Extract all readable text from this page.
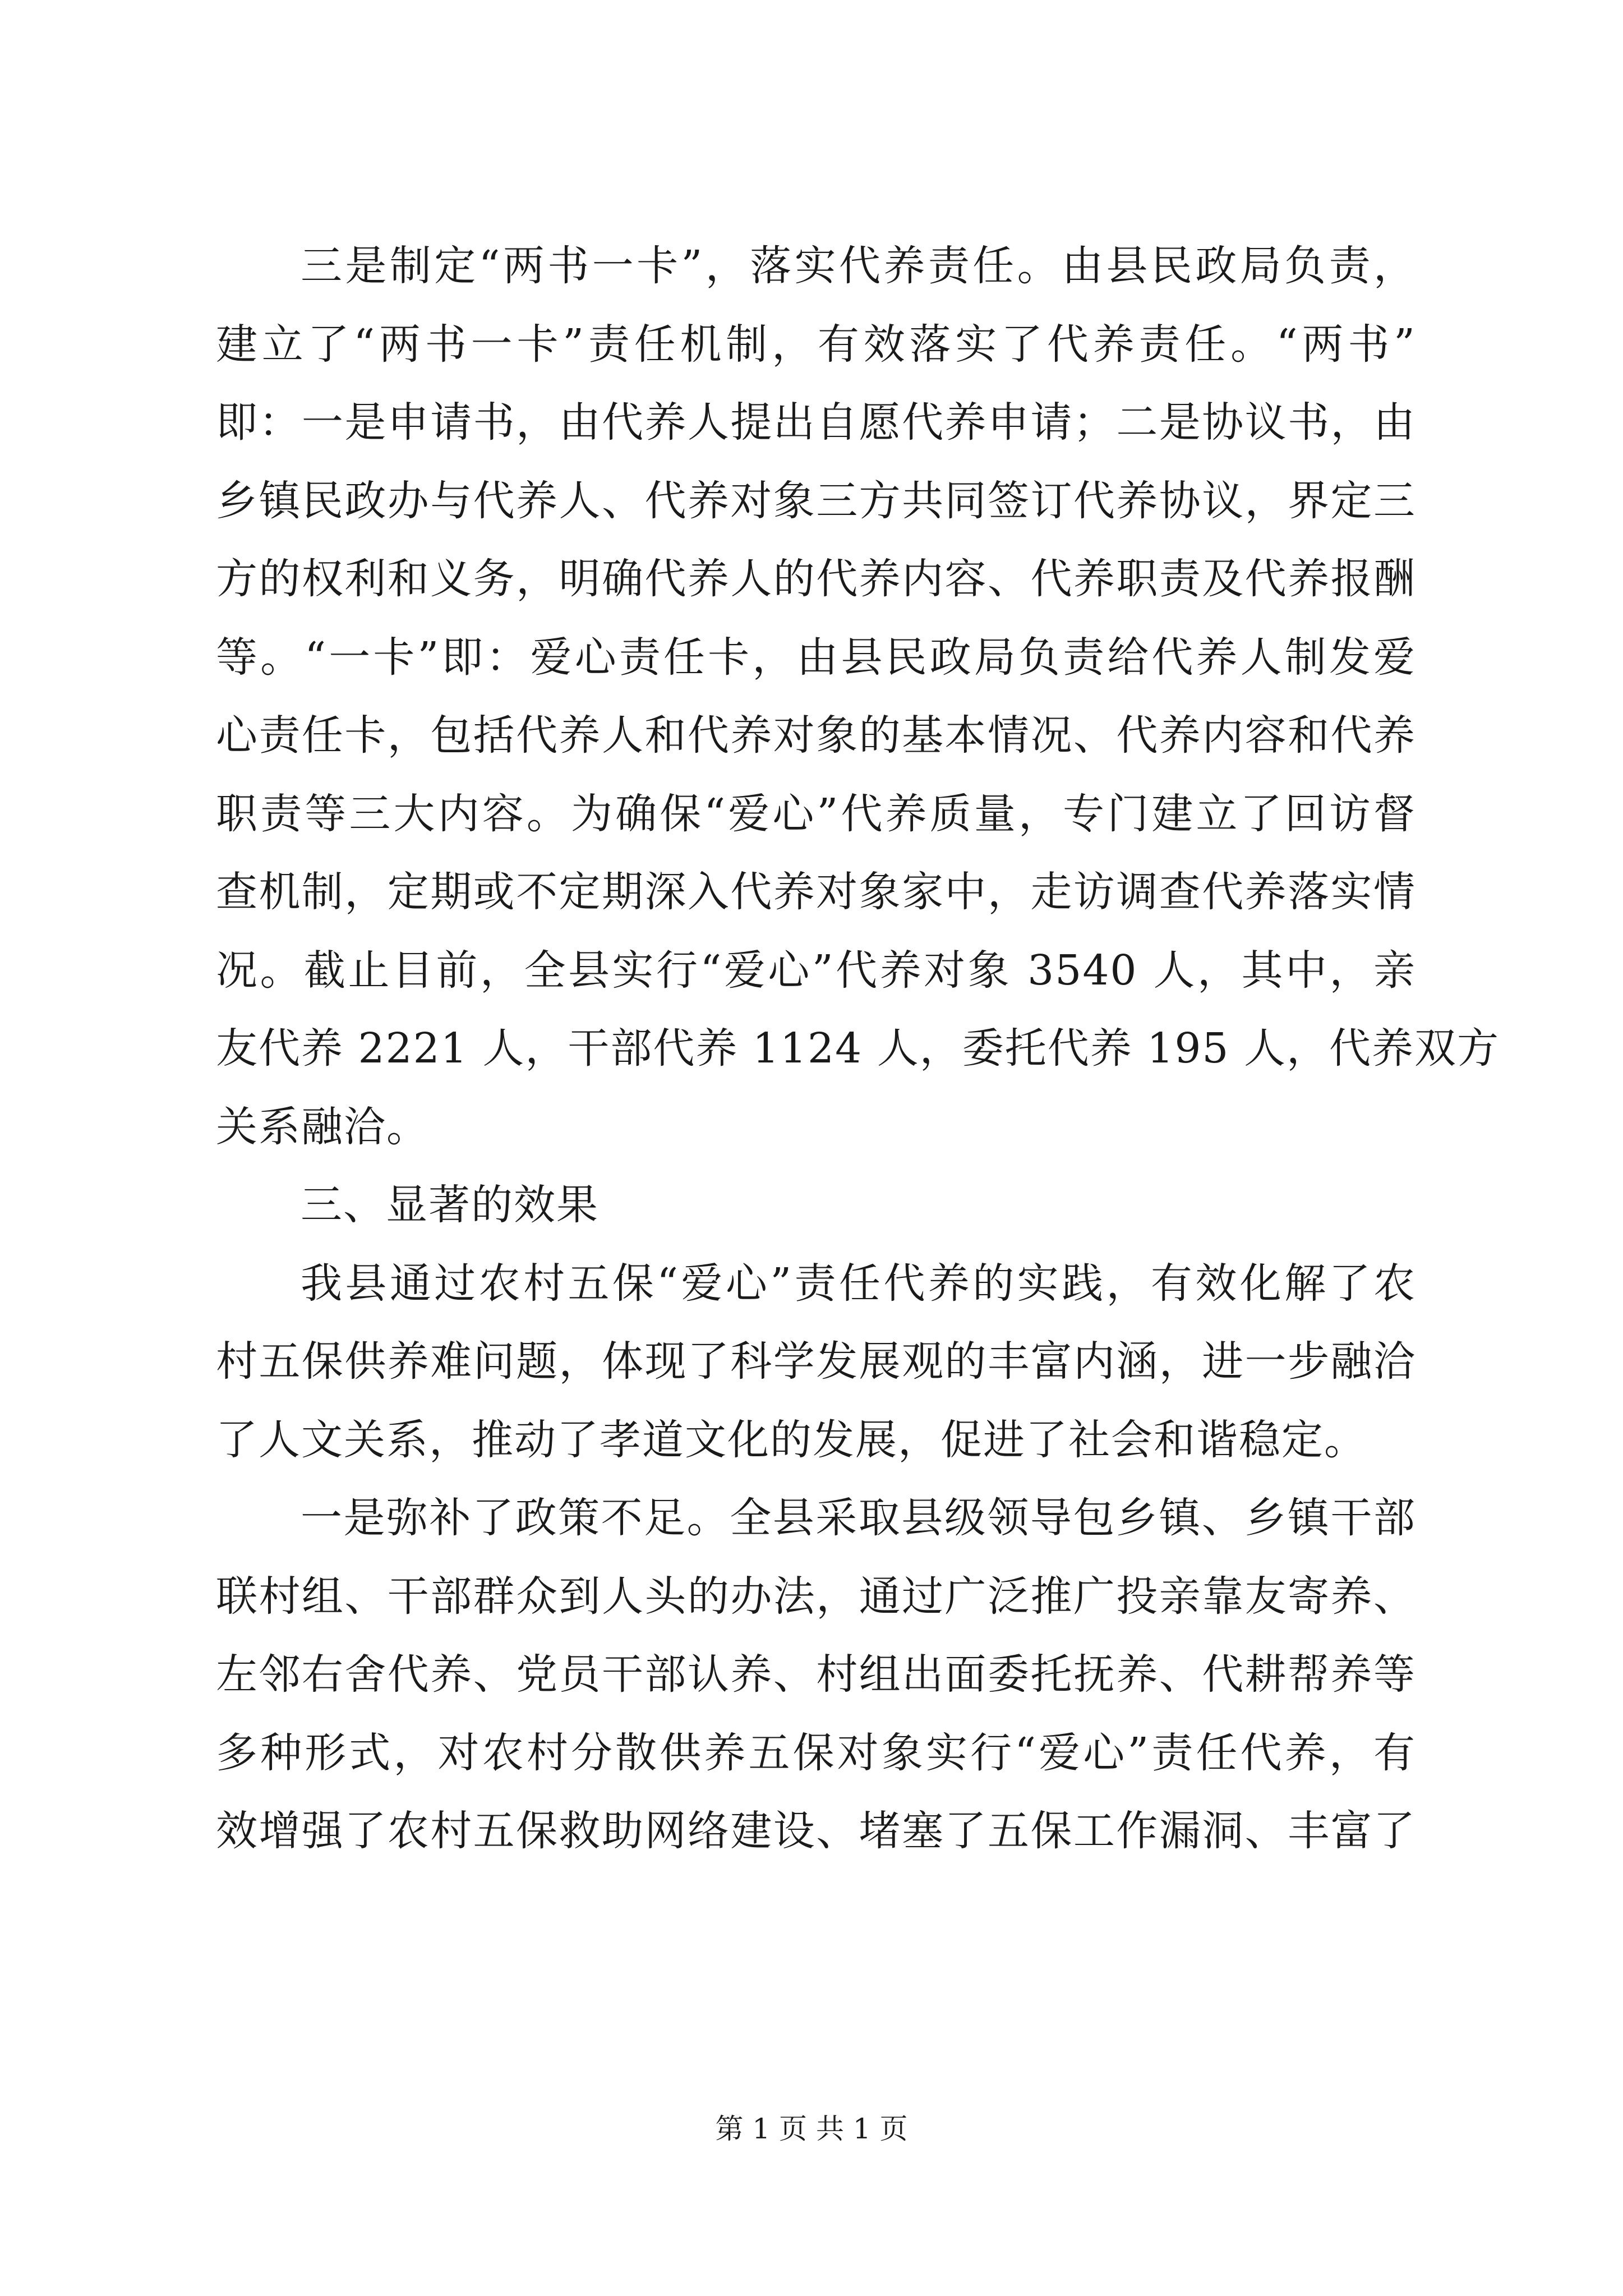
三是制定“两书一卡”，落实代养责任。由县民政局负责，
建立了“两书一卡”责任机制，有效落实了代养责任。“两书”
即：一是申请书，由代养人提出自愿代养申请；二是协议书，由
乡镇民政办与代养人、代养对象三方共同签订代养协议，界定三
方的权利和义务，明确代养人的代养内容、代养职责及代养报酬
等。“一卡”即：爱心责任卡，由县民政局负责给代养人制发爱
心责任卡，包括代养人和代养对象的基本情况、代养内容和代养
职责等三大内容。为确保“爱心”代养质量，专门建立了回访督
查机制，定期或不定期深入代养对象家中，走访调查代养落实情
况。截止目前，全县实行“爱心”代养对象 3540 人，其中，亲
友代养 2221 人，干部代养 1124 人，委托代养 195 人，代养双方
关系融洽。
三、显著的效果
我县通过农村五保“爱心”责任代养的实践，有效化解了农
村五保供养难问题，体现了科学发展观的丰富内涵，进一步融洽
了人文关系，推动了孝道文化的发展，促进了社会和谐稳定。
一是弥补了政策不足。全县采取县级领导包乡镇、乡镇干部
联村组、干部群众到人头的办法，通过广泛推广投亲靠友寄养、
左邻右舍代养、党员干部认养、村组出面委托抚养、代耕帮养等
多种形式，对农村分散供养五保对象实行“爱心”责任代养，有
效增强了农村五保救助网络建设、堵塞了五保工作漏洞、丰富了
第 1 页 共 1 页
